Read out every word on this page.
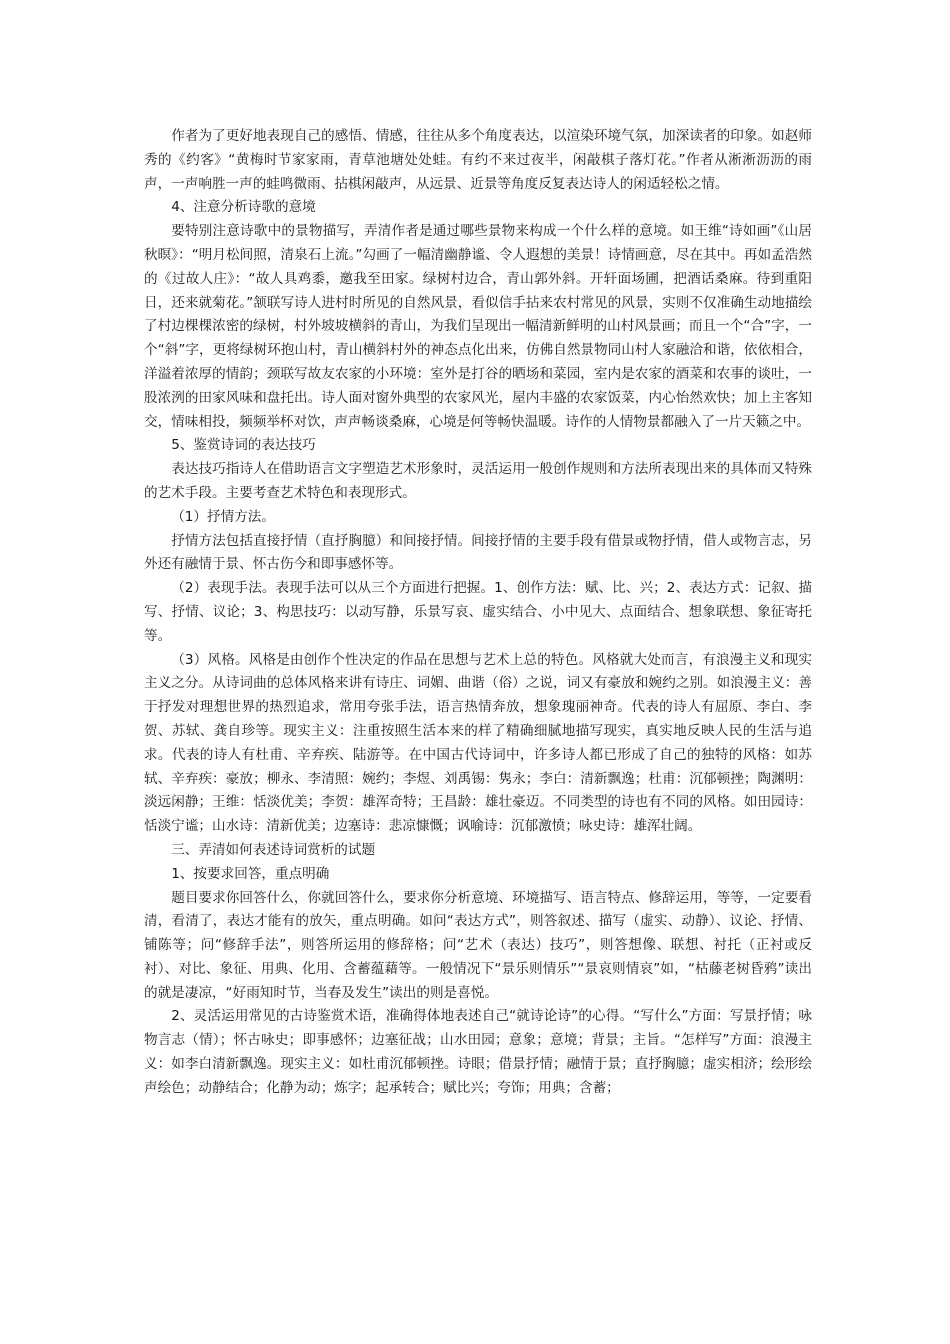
作者为了更好地表现自己的感悟、情感，往往从多个角度表达，以渲染环境气氛，加深读者的印象。如赵师秀的《约客》“黄梅时节家家雨，青草池塘处处蛙。有约不来过夜半，闲敲棋子落灯花。”作者从淅淅沥沥的雨声，一声响胜一声的蛙鸣微雨、拈棋闲敲声，从远景、近景等角度反复表达诗人的闲适轻松之情。

4、注意分析诗歌的意境

要特别注意诗歌中的景物描写，弄清作者是通过哪些景物来构成一个什么样的意境。如王维“诗如画”《山居秋暝》：“明月松间照，清泉石上流。”勾画了一幅清幽静谧、令人遐想的美景！诗情画意，尽在其中。再如孟浩然的《过故人庄》：“故人具鸡黍，邀我至田家。绿树村边合，青山郭外斜。开轩面场圃，把酒话桑麻。待到重阳日，还来就菊花。”颔联写诗人进村时所见的自然风景，看似信手拈来农村常见的风景，实则不仅准确生动地描绘了村边棵棵浓密的绿树，村外坡坡横斜的青山，为我们呈现出一幅清新鲜明的山村风景画；而且一个“合”字，一个“斜”字，更将绿树环抱山村，青山横斜村外的神态点化出来，仿佛自然景物同山村人家融洽和谐，依依相合，洋溢着浓厚的情韵；颈联写故友农家的小环境：室外是打谷的晒场和菜园，室内是农家的酒菜和农事的谈吐，一股浓洌的田家风味和盘托出。诗人面对窗外典型的农家风光，屋内丰盛的农家饭菜，内心怡然欢快；加上主客知交，情味相投，频频举杯对饮，声声畅谈桑麻，心境是何等畅快温暖。诗作的人情物景都融入了一片天籁之中。

5、鉴赏诗词的表达技巧

表达技巧指诗人在借助语言文字塑造艺术形象时，灵活运用一般创作规则和方法所表现出来的具体而又特殊的艺术手段。主要考查艺术特色和表现形式。

（1）抒情方法。

抒情方法包括直接抒情（直抒胸臆）和间接抒情。间接抒情的主要手段有借景或物抒情，借人或物言志，另外还有融情于景、怀古伤今和即事感怀等。

（2）表现手法。表现手法可以从三个方面进行把握。1、创作方法：赋、比、兴；2、表达方式：记叙、描写、抒情、议论；3、构思技巧：以动写静，乐景写哀、虚实结合、小中见大、点面结合、想象联想、象征寄托等。

（3）风格。风格是由创作个性决定的作品在思想与艺术上总的特色。风格就大处而言，有浪漫主义和现实主义之分。从诗词曲的总体风格来讲有诗庄、词媚、曲谐（俗）之说，词又有豪放和婉约之别。如浪漫主义：善于抒发对理想世界的热烈追求，常用夸张手法，语言热情奔放，想象瑰丽神奇。代表的诗人有屈原、李白、李贺、苏轼、龚自珍等。现实主义：注重按照生活本来的样了精确细腻地描写现实，真实地反映人民的生活与追求。代表的诗人有杜甫、辛弃疾、陆游等。在中国古代诗词中，许多诗人都已形成了自己的独特的风格：如苏轼、辛弃疾：豪放；柳永、李清照：婉约；李煜、刘禹锡：隽永；李白：清新飘逸；杜甫：沉郁顿挫；陶渊明：淡远闲静；王维：恬淡优美；李贺：雄浑奇特；王昌龄：雄壮豪迈。不同类型的诗也有不同的风格。如田园诗：恬淡宁谧；山水诗：清新优美；边塞诗：悲凉慷慨；讽喻诗：沉郁激愤；咏史诗：雄浑壮阔。

三、弄清如何表述诗词赏析的试题

1、按要求回答，重点明确

题目要求你回答什么，你就回答什么，要求你分析意境、环境描写、语言特点、修辞运用，等等，一定要看清，看清了，表达才能有的放矢，重点明确。如问“表达方式”，则答叙述、描写（虚实、动静）、议论、抒情、铺陈等；问“修辞手法”，则答所运用的修辞格；问“艺术（表达）技巧”，则答想像、联想、衬托（正衬或反衬）、对比、象征、用典、化用、含蓄蕴藉等。一般情况下“景乐则情乐”“景哀则情哀”如，“枯藤老树昏鸦”读出的就是凄凉，“好雨知时节，当春及发生”读出的则是喜悦。

2、灵活运用常见的古诗鉴赏术语，准确得体地表述自己“就诗论诗”的心得。“写什么”方面：写景抒情；咏物言志（情）；怀古咏史；即事感怀；边塞征战；山水田园；意象；意境；背景；主旨。“怎样写”方面：浪漫主义：如李白清新飘逸。现实主义：如杜甫沉郁顿挫。诗眼；借景抒情；融情于景；直抒胸臆；虚实相济；绘形绘声绘色；动静结合；化静为动；炼字；起承转合；赋比兴；夸饰；用典；含蓄；
